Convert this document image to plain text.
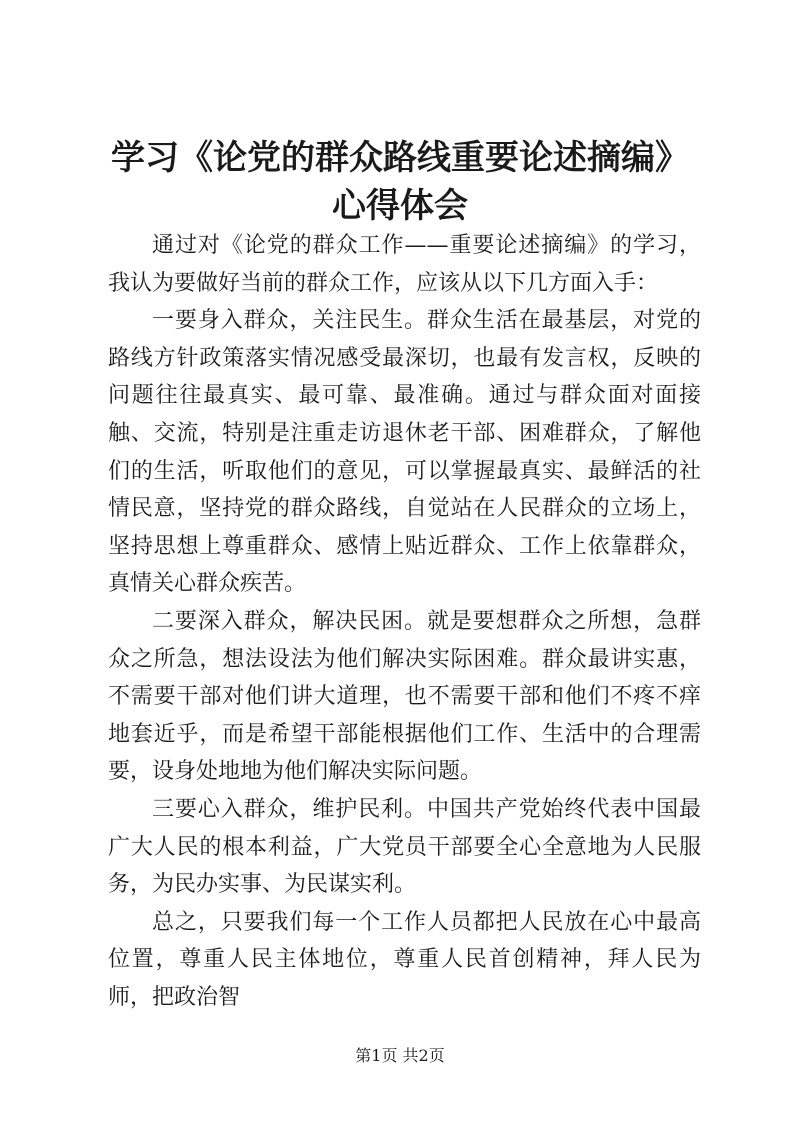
学习《论党的群众路线重要论述摘编》心得体会

通过对《论党的群众工作——重要论述摘编》的学习，我认为要做好当前的群众工作，应该从以下几方面入手：

一要身入群众，关注民生。群众生活在最基层，对党的路线方针政策落实情况感受最深切，也最有发言权，反映的问题往往最真实、最可靠、最准确。通过与群众面对面接触、交流，特别是注重走访退休老干部、困难群众，了解他们的生活，听取他们的意见，可以掌握最真实、最鲜活的社情民意，坚持党的群众路线，自觉站在人民群众的立场上，坚持思想上尊重群众、感情上贴近群众、工作上依靠群众，真情关心群众疾苦。

二要深入群众，解决民困。就是要想群众之所想，急群众之所急，想法设法为他们解决实际困难。群众最讲实惠，不需要干部对他们讲大道理，也不需要干部和他们不疼不痒地套近乎，而是希望干部能根据他们工作、生活中的合理需要，设身处地地为他们解决实际问题。

三要心入群众，维护民利。中国共产党始终代表中国最广大人民的根本利益，广大党员干部要全心全意地为人民服务，为民办实事、为民谋实利。

总之，只要我们每一个工作人员都把人民放在心中最高位置，尊重人民主体地位，尊重人民首创精神，拜人民为师，把政治智

第1页 共2页
